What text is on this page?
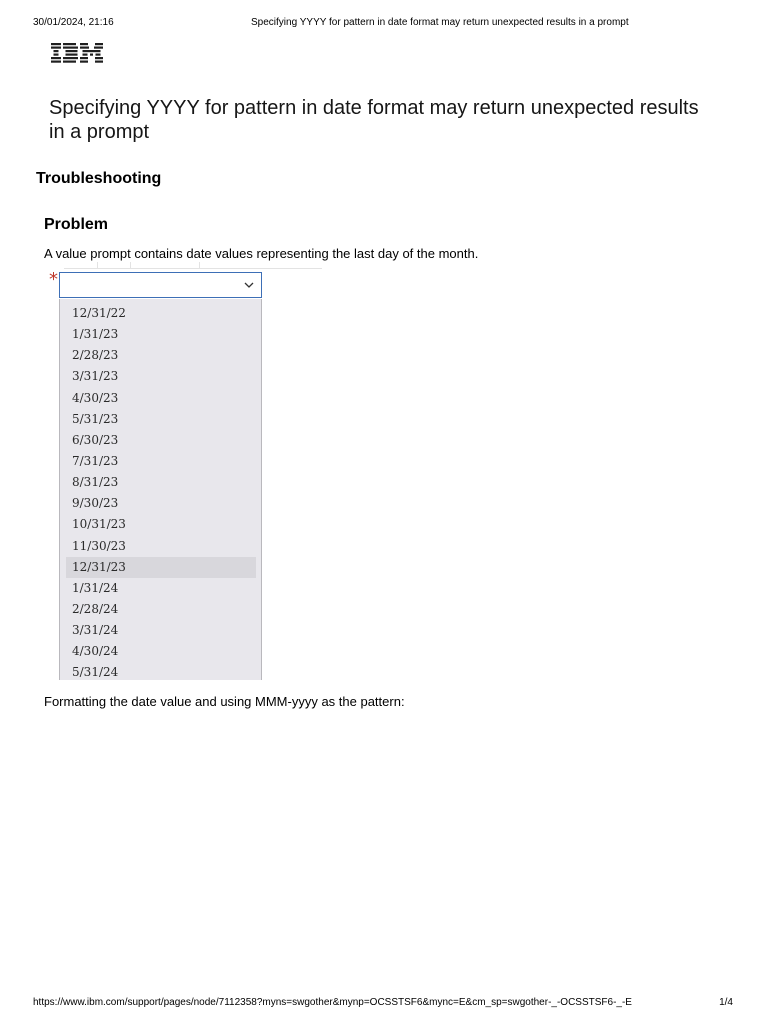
30/01/2024, 21:16	Specifying YYYY for pattern in date format may return unexpected results in a prompt
Specifying YYYY for pattern in date format may return unexpected results in a prompt
Troubleshooting
Problem

A value prompt contains date values representing the last day of the month.

*
12/31/22
1/31/23
2/28/23
3/31/23
4/30/23
5/31/23
6/30/23
7/31/23
8/31/23
9/30/23
10/31/23
11/30/23
12/31/23
1/31/24
2/28/24
3/31/24
4/30/24
5/31/24

Formatting the date value and using MMM-yyyy as the pattern:

https://www.ibm.com/support/pages/node/7112358?myns=swgother&mynp=OCSSTSF6&mync=E&cm_sp=swgother-_-OCSSTSF6-_-E	1/4
